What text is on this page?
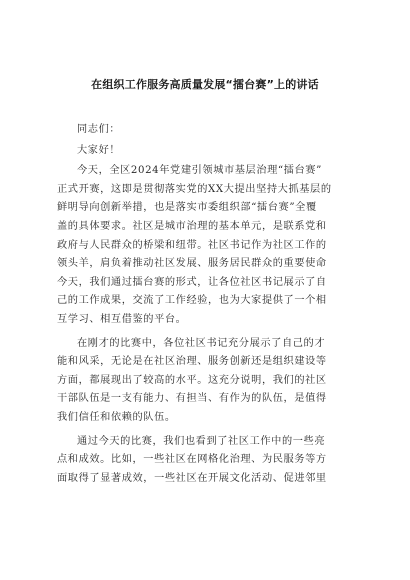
在组织工作服务高质量发展“擂台赛”上的讲话
同志们：
大家好！
今天，全区2024年党建引领城市基层治理“擂台赛”
正式开赛，这即是贯彻落实党的XX大提出坚持大抓基层的
鲜明导向创新举措，也是落实市委组织部“擂台赛”全覆
盖的具体要求。社区是城市治理的基本单元，是联系党和
政府与人民群众的桥梁和纽带。社区书记作为社区工作的
领头羊，肩负着推动社区发展、服务居民群众的重要使命
今天，我们通过擂台赛的形式，让各位社区书记展示了自
己的工作成果，交流了工作经验，也为大家提供了一个相
互学习、相互借鉴的平台。
在刚才的比赛中，各位社区书记充分展示了自己的才
能和风采，无论是在社区治理、服务创新还是组织建设等
方面，都展现出了较高的水平。这充分说明，我们的社区
干部队伍是一支有能力、有担当、有作为的队伍，是值得
我们信任和依赖的队伍。
通过今天的比赛，我们也看到了社区工作中的一些亮
点和成效。比如，一些社区在网格化治理、为民服务等方
面取得了显著成效，一些社区在开展文化活动、促进邻里
